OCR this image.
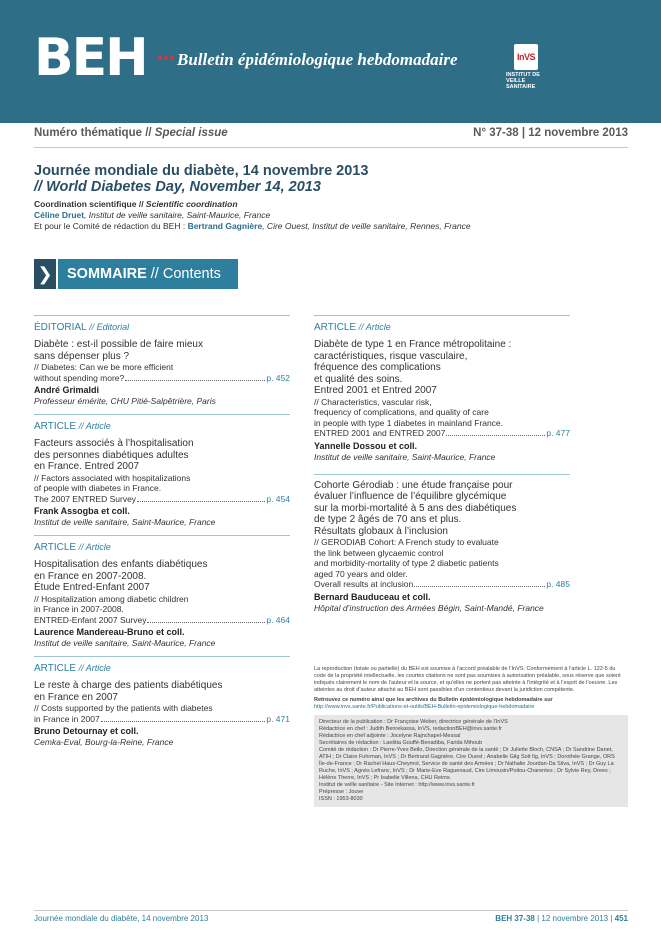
BEH Bulletin épidémiologique hebdomadaire	InVS
INSTITUT DE VEILLE SANITAIRE
Numéro thématique // Special issue	N° 37-38 | 12 novembre 2013
Journée mondiale du diabète, 14 novembre 2013
// World Diabetes Day, November 14, 2013
Coordination scientifique // Scientific coordination
Céline Druet, Institut de veille sanitaire, Saint-Maurice, France
Et pour le Comité de rédaction du BEH : Bertrand Gagnière, Cire Ouest, Institut de veille sanitaire, Rennes, France
❯ SOMMAIRE // Contents
ÉDITORIAL // Editorial
Diabète : est-il possible de faire mieux
sans dépenser plus ?
// Diabetes: Can we be more efficient
without spending more?	p. 452
André Grimaldi
Professeur émérite, CHU Pitié-Salpêtrière, Paris
ARTICLE // Article
Facteurs associés à l’hospitalisation
des personnes diabétiques adultes
en France. Entred 2007
// Factors associated with hospitalizations
of people with diabetes in France.
The 2007 ENTRED Survey	p. 454
Frank Assogba et coll.
Institut de veille sanitaire, Saint-Maurice, France
ARTICLE // Article
Hospitalisation des enfants diabétiques
en France en 2007-2008.
Étude Entred-Enfant 2007
// Hospitalization among diabetic children
in France in 2007-2008.
ENTRED-Enfant 2007 Survey	p. 464
Laurence Mandereau-Bruno et coll.
Institut de veille sanitaire, Saint-Maurice, France
ARTICLE // Article
Le reste à charge des patients diabétiques
en France en 2007
// Costs supported by the patients with diabetes
in France in 2007	p. 471
Bruno Detournay et coll.
Cemka-Eval, Bourg-la-Reine, France
ARTICLE // Article
Diabète de type 1 en France métropolitaine :
caractéristiques, risque vasculaire,
fréquence des complications
et qualité des soins.
Entred 2001 et Entred 2007
// Characteristics, vascular risk,
frequency of complications, and quality of care
in people with type 1 diabetes in mainland France.
ENTRED 2001 and ENTRED 2007	p. 477
Yannelle Dossou et coll.
Institut de veille sanitaire, Saint-Maurice, France
Cohorte Gérodiab : une étude française pour
évaluer l’influence de l’équilibre glycémique
sur la morbi-mortalité à 5 ans des diabétiques
de type 2 âgés de 70 ans et plus.
Résultats globaux à l’inclusion
// GERODIAB Cohort: A French study to evaluate
the link between glycaemic control
and morbidity-mortality of type 2 diabetic patients
aged 70 years and older.
Overall results at inclusion	p. 485
Bernard Bauduceau et coll.
Hôpital d’instruction des Armées Bégin, Saint-Mandé, France

La reproduction (totale ou partielle) du BEH est soumise à l’accord préalable de l’InVS. Conformément à l’article L. 122-5 du code de la propriété intellectuelle, les courtes citations ne sont pas soumises à autorisation préalable, sous réserve que soient indiqués clairement le nom de l’auteur et la source, et qu’elles ne portent pas atteinte à l’intégrité et à l’esprit de l’oeuvre. Les atteintes au droit d’auteur attaché au BEH sont passibles d’un contentieux devant la juridiction compétente.

Retrouvez ce numéro ainsi que les archives du Bulletin épidémiologique hebdomadaire sur
http://www.invs.sante.fr/Publications-et-outils/BEH-Bulletin-epidemiologique-hebdomadaire

Directeur de la publication : Dr Françoise Weber, directrice générale de l’InVS
Rédactrice en chef : Judith Benrekassa, InVS, redactionBEH@invs.sante.fr
Rédactrice en chef adjointe : Jocelyne Rajnchapel-Messaï
Secrétaires de rédaction : Laetitia Gouffé-Benadiba, Farida Mihoub
Comité de rédaction : Dr Pierre-Yves Bello, Direction générale de la santé ; Dr Juliette Bloch, CNSA ; Dr Sandrine Danet, ATIH ; Dr Claire Fuhrman, InVS ; Dr Bertrand Gagnière, Cire Ouest ; Anabelle Gilg Soit Ilg, InVS ; Dorothée Grange, ORS Île-de-France ; Dr Rachel Haus-Cheymol, Service de santé des Armées ; Dr Nathalie Jourdan-Da Silva, InVS ; Dr Guy La Ruche, InVS ; Agnès Lefranc, InVS ; Dr Marie-Eve Raguenaud, Cire Limousin/Poitou-Charentes ; Dr Sylvie Rey, Drees ; Hélène Therre, InVS ; Pr Isabelle Villena, CHU Reims.
Institut de veille sanitaire - Site Internet : http://www.invs.sante.fr
Prépresse : Jouve
ISSN : 1953-8030
Journée mondiale du diabète, 14 novembre 2013	BEH 37-38 | 12 novembre 2013 | 451
